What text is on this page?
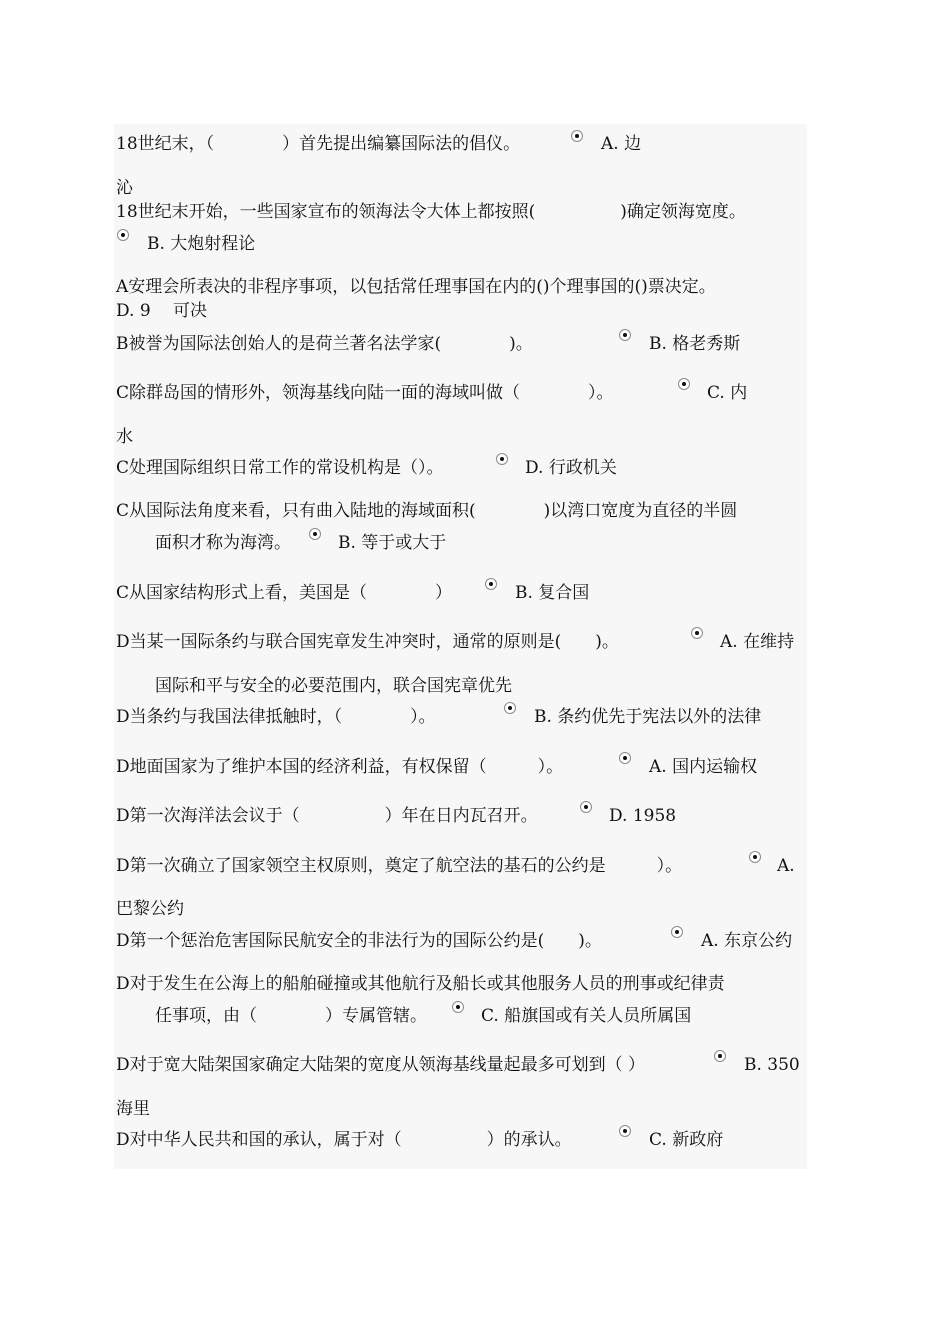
18世纪末，（　　　　）首先提出编纂国际法的倡仪。	A. 边
沁
18世纪末开始，一些国家宣布的领海法令大体上都按照(　　　　　)确定领海宽度。
B. 大炮射程论
A安理会所表决的非程序事项，以包括常任理事国在内的()个理事国的()票决定。
D. 9　 可决
B被誉为国际法创始人的是荷兰著名法学家(　　　　)。	B. 格老秀斯
C除群岛国的情形外，领海基线向陆一面的海域叫做（　　　　）。	C. 内
水
C处理国际组织日常工作的常设机构是（）。	D. 行政机关
C从国际法角度来看，只有曲入陆地的海域面积(　　　　)以湾口宽度为直径的半圆
面积才称为海湾。	B. 等于或大于
C从国家结构形式上看，美国是（　　　　）	B. 复合国
D当某一国际条约与联合国宪章发生冲突时，通常的原则是(　　)。	A. 在维持
国际和平与安全的必要范围内，联合国宪章优先
D当条约与我国法律抵触时，（　　　　）。	B. 条约优先于宪法以外的法律
D地面国家为了维护本国的经济利益，有权保留（　　　）。	A. 国内运输权
D第一次海洋法会议于（　　　　　）年在日内瓦召开。	D. 1958
D第一次确立了国家领空主权原则，奠定了航空法的基石的公约是　　　）。	A.
巴黎公约
D第一个惩治危害国际民航安全的非法行为的国际公约是(　　)。	A. 东京公约
D对于发生在公海上的船舶碰撞或其他航行及船长或其他服务人员的刑事或纪律责
任事项，由（　　　　）专属管辖。	C. 船旗国或有关人员所属国
D对于宽大陆架国家确定大陆架的宽度从领海基线量起最多可划到（ ）	B. 350
海里
D对中华人民共和国的承认，属于对（　　　　　）的承认。	C. 新政府
